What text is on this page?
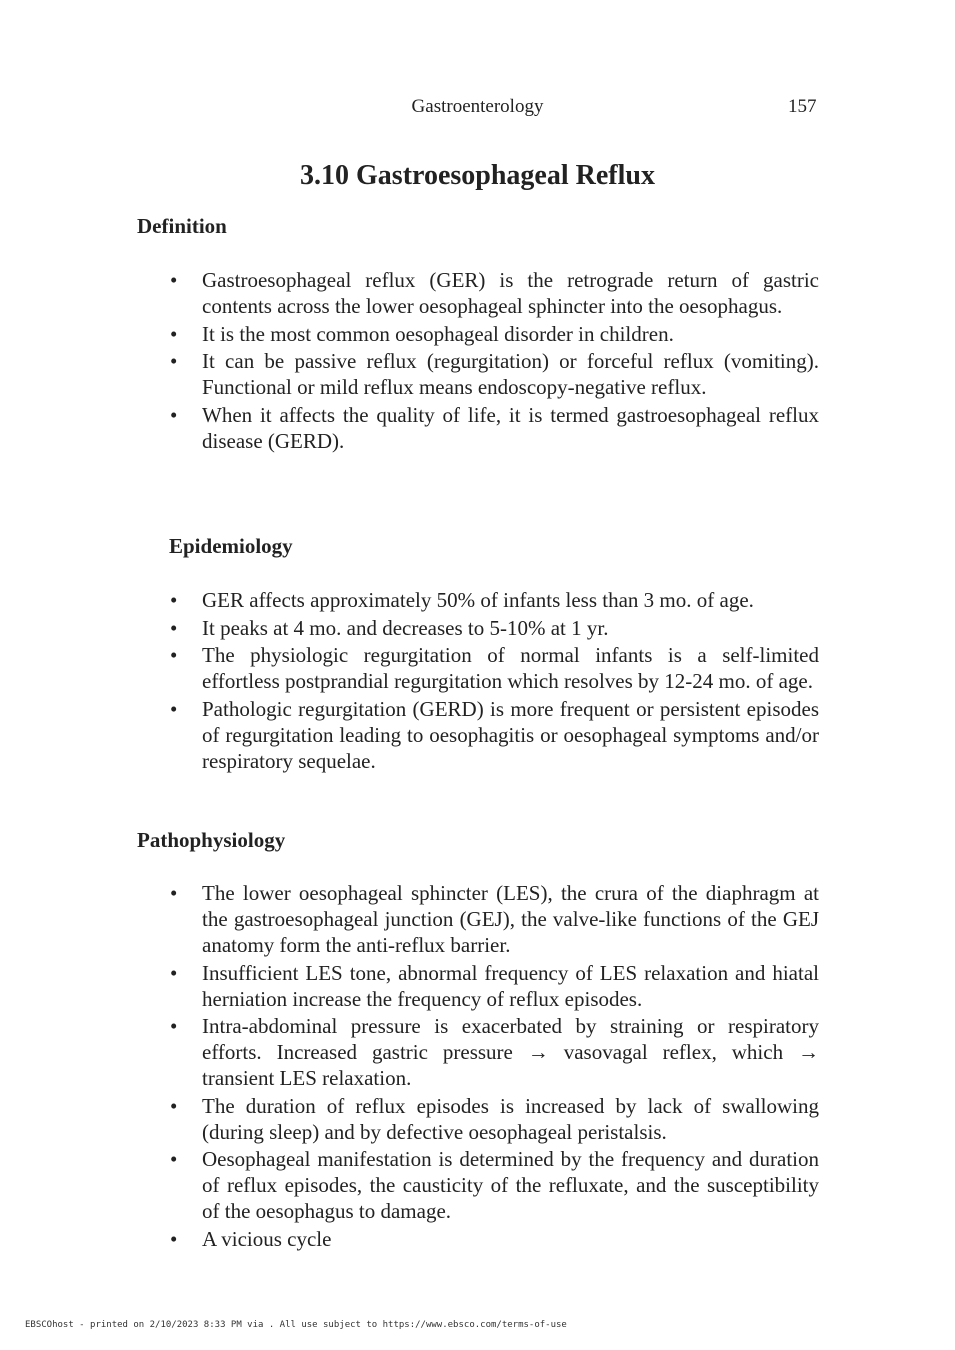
Gastroenterology	157
3.10 Gastroesophageal Reflux
Definition
• Gastroesophageal reflux (GER) is the retrograde return of gastric contents across the lower oesophageal sphincter into the oesophagus.
• It is the most common oesophageal disorder in children.
• It can be passive reflux (regurgitation) or forceful reflux (vomiting). Functional or mild reflux means endoscopy-negative reflux.
• When it affects the quality of life, it is termed gastroesophageal reflux disease (GERD).
Epidemiology
• GER affects approximately 50% of infants less than 3 mo. of age.
• It peaks at 4 mo. and decreases to 5-10% at 1 yr.
• The physiologic regurgitation of normal infants is a self-limited effortless postprandial regurgitation which resolves by 12-24 mo. of age.
• Pathologic regurgitation (GERD) is more frequent or persistent episodes of regurgitation leading to oesophagitis or oesophageal symptoms and/or respiratory sequelae.
Pathophysiology
• The lower oesophageal sphincter (LES), the crura of the diaphragm at the gastroesophageal junction (GEJ), the valve-like functions of the GEJ anatomy form the anti-reflux barrier.
• Insufficient LES tone, abnormal frequency of LES relaxation and hiatal herniation increase the frequency of reflux episodes.
• Intra-abdominal pressure is exacerbated by straining or respiratory efforts. Increased gastric pressure → vasovagal reflex, which → transient LES relaxation.
• The duration of reflux episodes is increased by lack of swallowing (during sleep) and by defective oesophageal peristalsis.
• Oesophageal manifestation is determined by the frequency and duration of reflux episodes, the causticity of the refluxate, and the susceptibility of the oesophagus to damage.
• A vicious cycle
EBSCOhost - printed on 2/10/2023 8:33 PM via . All use subject to https://www.ebsco.com/terms-of-use
